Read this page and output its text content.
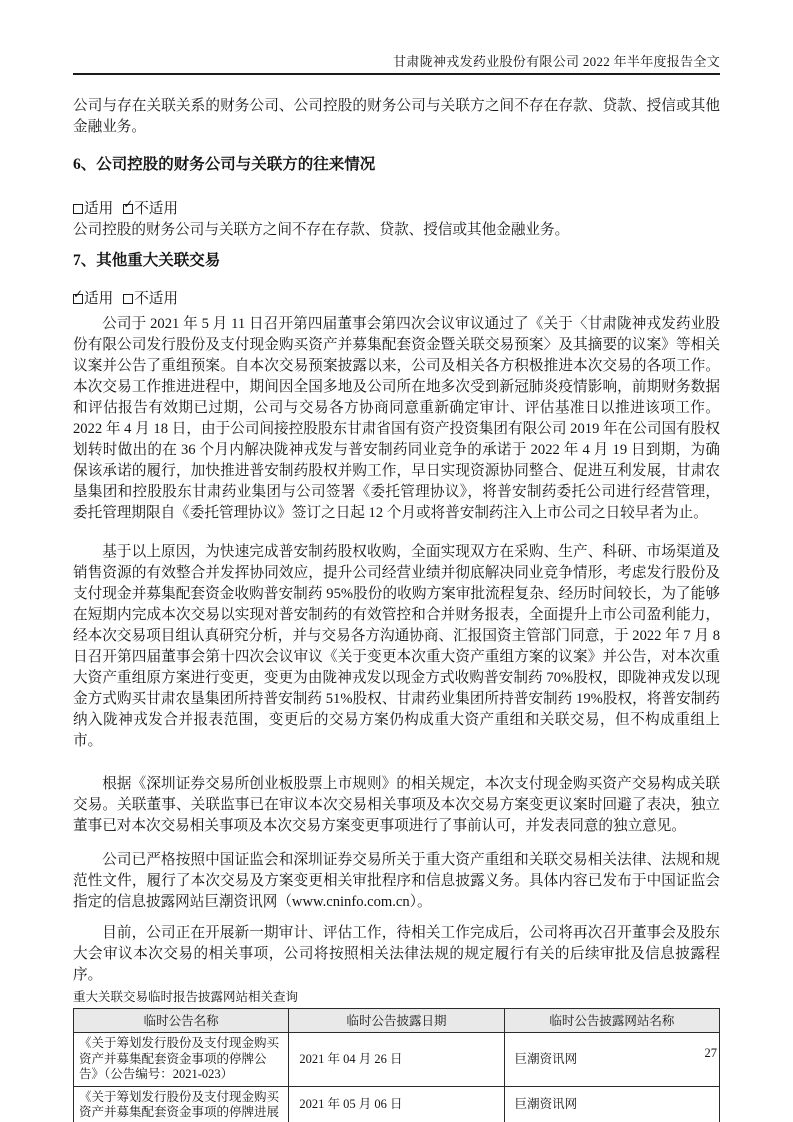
甘肃陇神戎发药业股份有限公司 2022 年半年度报告全文

公司与存在关联关系的财务公司、公司控股的财务公司与关联方之间不存在存款、贷款、授信或其他金融业务。

6、公司控股的财务公司与关联方的往来情况
适用 ✓ 不适用

公司控股的财务公司与关联方之间不存在存款、贷款、授信或其他金融业务。

7、其他重大关联交易
✓ 适用 不适用

公司于 2021 年 5 月 11 日召开第四届董事会第四次会议审议通过了《关于〈甘肃陇神戎发药业股份有限公司发行股份及支付现金购买资产并募集配套资金暨关联交易预案〉及其摘要的议案》等相关议案并公告了重组预案。自本次交易预案披露以来，公司及相关各方积极推进本次交易的各项工作。本次交易工作推进进程中，期间因全国多地及公司所在地多次受到新冠肺炎疫情影响，前期财务数据和评估报告有效期已过期，公司与交易各方协商同意重新确定审计、评估基准日以推进该项工作。2022 年 4 月 18 日，由于公司间接控股股东甘肃省国有资产投资集团有限公司 2019 年在公司国有股权划转时做出的在 36 个月内解决陇神戎发与普安制药同业竞争的承诺于 2022 年 4 月 19 日到期，为确保该承诺的履行，加快推进普安制药股权并购工作，早日实现资源协同整合、促进互利发展，甘肃农垦集团和控股股东甘肃药业集团与公司签署《委托管理协议》，将普安制药委托公司进行经营管理，委托管理期限自《委托管理协议》签订之日起 12 个月或将普安制药注入上市公司之日较早者为止。

基于以上原因，为快速完成普安制药股权收购，全面实现双方在采购、生产、科研、市场渠道及销售资源的有效整合并发挥协同效应，提升公司经营业绩并彻底解决同业竞争情形，考虑发行股份及支付现金并募集配套资金收购普安制药 95%股份的收购方案审批流程复杂、经历时间较长，为了能够在短期内完成本次交易以实现对普安制药的有效管控和合并财务报表，全面提升上市公司盈利能力，经本次交易项目组认真研究分析，并与交易各方沟通协商、汇报国资主管部门同意，于 2022 年 7 月 8 日召开第四届董事会第十四次会议审议《关于变更本次重大资产重组方案的议案》并公告，对本次重大资产重组原方案进行变更，变更为由陇神戎发以现金方式收购普安制药 70%股权，即陇神戎发以现金方式购买甘肃农垦集团所持普安制药 51%股权、甘肃药业集团所持普安制药 19%股权，将普安制药纳入陇神戎发合并报表范围，变更后的交易方案仍构成重大资产重组和关联交易，但不构成重组上市。

根据《深圳证券交易所创业板股票上市规则》的相关规定，本次支付现金购买资产交易构成关联交易。关联董事、关联监事已在审议本次交易相关事项及本次交易方案变更议案时回避了表决，独立董事已对本次交易相关事项及本次交易方案变更事项进行了事前认可，并发表同意的独立意见。

公司已严格按照中国证监会和深圳证券交易所关于重大资产重组和关联交易相关法律、法规和规范性文件，履行了本次交易及方案变更相关审批程序和信息披露义务。具体内容已发布于中国证监会指定的信息披露网站巨潮资讯网（www.cninfo.com.cn）。

目前，公司正在开展新一期审计、评估工作，待相关工作完成后，公司将再次召开董事会及股东大会审议本次交易的相关事项，公司将按照相关法律法规的规定履行有关的后续审批及信息披露程序。

重大关联交易临时报告披露网站相关查询

临时公告名称	临时公告披露日期	临时公告披露网站名称
《关于筹划发行股份及支付现金购买资产并募集配套资金事项的停牌公告》（公告编号：2021-023）	2021 年 04 月 26 日	巨潮资讯网
《关于筹划发行股份及支付现金购买资产并募集配套资金事项的停牌进展	2021 年 05 月 06 日	巨潮资讯网
27
